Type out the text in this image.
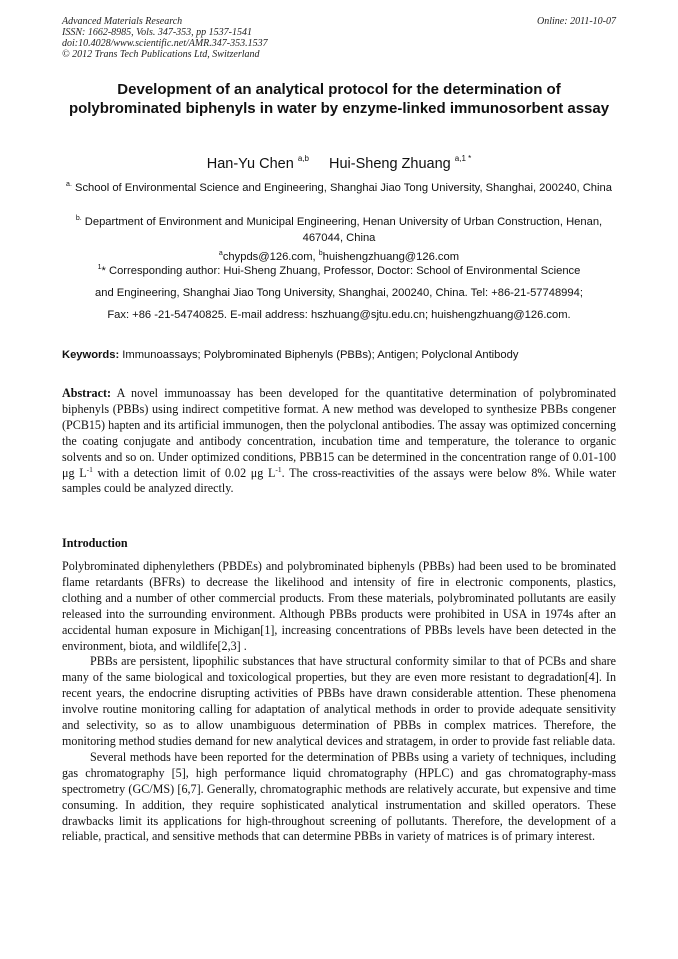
Advanced Materials Research
ISSN: 1662-8985, Vols. 347-353, pp 1537-1541
doi:10.4028/www.scientific.net/AMR.347-353.1537
© 2012 Trans Tech Publications Ltd, Switzerland
Online: 2011-10-07
Development of an analytical protocol for the determination of polybrominated biphenyls in water by enzyme-linked immunosorbent assay
Han-Yu Chen $^{a,b}$ Hui-Sheng Zhuang $^{a,1 *}$
$^{a.}$ School of Environmental Science and Engineering, Shanghai Jiao Tong University, Shanghai, 200240, China
$^{b.}$ Department of Environment and Municipal Engineering, Henan University of Urban Construction, Henan, 467044, China
$^a$chypds@126.com, $^b$huishengzhuang@126.com
$^1$* Corresponding author: Hui-Sheng Zhuang, Professor, Doctor: School of Environmental Science
and Engineering, Shanghai Jiao Tong University, Shanghai, 200240, China. Tel: +86-21-57748994;
Fax: +86 -21-54740825. E-mail address: hszhuang@sjtu.edu.cn; huishengzhuang@126.com.
Keywords: Immunoassays; Polybrominated Biphenyls (PBBs); Antigen; Polyclonal Antibody
Abstract: A novel immunoassay has been developed for the quantitative determination of polybrominated biphenyls (PBBs) using indirect competitive format. A new method was developed to synthesize PBBs congener (PCB15) hapten and its artificial immunogen, then the polyclonal antibodies. The assay was optimized concerning the coating conjugate and antibody concentration, incubation time and temperature, the tolerance to organic solvents and so on. Under optimized conditions, PBB15 can be determined in the concentration range of 0.01-100 μg $L^{-1}$ with a detection limit of 0.02 μg $L^{-1}$. The cross-reactivities of the assays were below 8%. While water samples could be analyzed directly.
Introduction

Polybrominated diphenylethers (PBDEs) and polybrominated biphenyls (PBBs) had been used to be brominated flame retardants (BFRs) to decrease the likelihood and intensity of fire in electronic components, plastics, clothing and a number of other commercial products. From these materials, polybrominated pollutants are easily released into the surrounding environment. Although PBBs products were prohibited in USA in 1974s after an accidental human exposure in Michigan[1], increasing concentrations of PBBs levels have been detected in the environment, biota, and wildlife[2,3] .

PBBs are persistent, lipophilic substances that have structural conformity similar to that of PCBs and share many of the same biological and toxicological properties, but they are even more resistant to degradation[4]. In recent years, the endocrine disrupting activities of PBBs have drawn considerable attention. These phenomena involve routine monitoring calling for adaptation of analytical methods in order to provide adequate sensitivity and selectivity, so as to allow unambiguous determination of PBBs in complex matrices. Therefore, the monitoring method studies demand for new analytical devices and stratagem, in order to provide fast reliable data.

Several methods have been reported for the determination of PBBs using a variety of techniques, including gas chromatography [5], high performance liquid chromatography (HPLC) and gas chromatography-mass spectrometry (GC/MS) [6,7]. Generally, chromatographic methods are relatively accurate, but expensive and time consuming. In addition, they require sophisticated analytical instrumentation and skilled operators. These drawbacks limit its applications for high-throughout screening of pollutants. Therefore, the development of a reliable, practical, and sensitive methods that can determine PBBs in variety of matrices is of primary interest.
